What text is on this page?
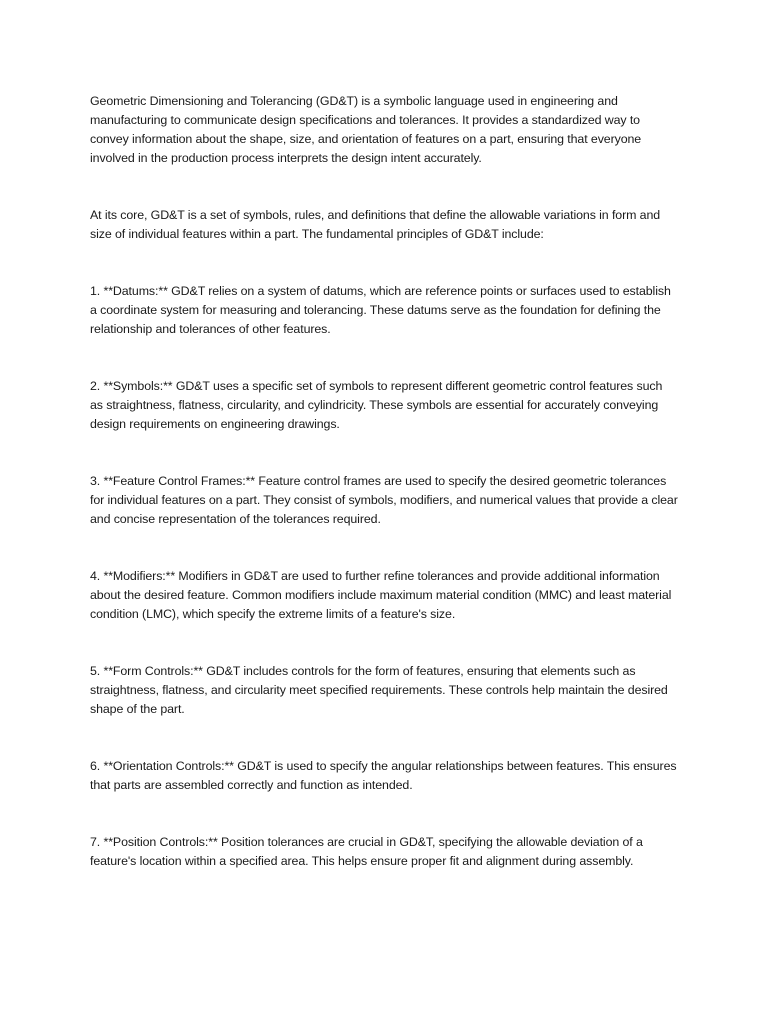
Geometric Dimensioning and Tolerancing (GD&T) is a symbolic language used in engineering and manufacturing to communicate design specifications and tolerances. It provides a standardized way to convey information about the shape, size, and orientation of features on a part, ensuring that everyone involved in the production process interprets the design intent accurately.

At its core, GD&T is a set of symbols, rules, and definitions that define the allowable variations in form and size of individual features within a part. The fundamental principles of GD&T include:

1. **Datums:** GD&T relies on a system of datums, which are reference points or surfaces used to establish a coordinate system for measuring and tolerancing. These datums serve as the foundation for defining the relationship and tolerances of other features.

2. **Symbols:** GD&T uses a specific set of symbols to represent different geometric control features such as straightness, flatness, circularity, and cylindricity. These symbols are essential for accurately conveying design requirements on engineering drawings.

3. **Feature Control Frames:** Feature control frames are used to specify the desired geometric tolerances for individual features on a part. They consist of symbols, modifiers, and numerical values that provide a clear and concise representation of the tolerances required.

4. **Modifiers:** Modifiers in GD&T are used to further refine tolerances and provide additional information about the desired feature. Common modifiers include maximum material condition (MMC) and least material condition (LMC), which specify the extreme limits of a feature's size.

5. **Form Controls:** GD&T includes controls for the form of features, ensuring that elements such as straightness, flatness, and circularity meet specified requirements. These controls help maintain the desired shape of the part.

6. **Orientation Controls:** GD&T is used to specify the angular relationships between features. This ensures that parts are assembled correctly and function as intended.

7. **Position Controls:** Position tolerances are crucial in GD&T, specifying the allowable deviation of a feature's location within a specified area. This helps ensure proper fit and alignment during assembly.
